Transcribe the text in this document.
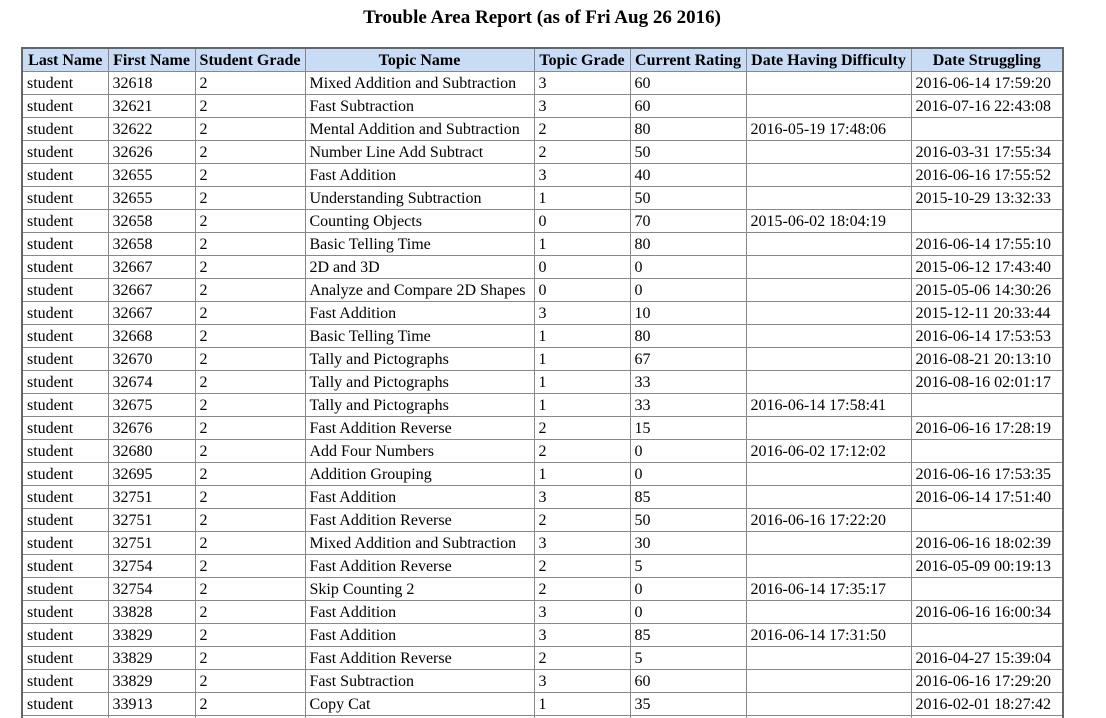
Trouble Area Report (as of Fri Aug 26 2016)
Last Name	First Name	Student Grade	Topic Name	Topic Grade	Current Rating	Date Having Difficulty	Date Struggling
student	32618	2	Mixed Addition and Subtraction	3	60		2016-06-14 17:59:20
student	32621	2	Fast Subtraction	3	60		2016-07-16 22:43:08
student	32622	2	Mental Addition and Subtraction	2	80	2016-05-19 17:48:06	
student	32626	2	Number Line Add Subtract	2	50		2016-03-31 17:55:34
student	32655	2	Fast Addition	3	40		2016-06-16 17:55:52
student	32655	2	Understanding Subtraction	1	50		2015-10-29 13:32:33
student	32658	2	Counting Objects	0	70	2015-06-02 18:04:19	
student	32658	2	Basic Telling Time	1	80		2016-06-14 17:55:10
student	32667	2	2D and 3D	0	0		2015-06-12 17:43:40
student	32667	2	Analyze and Compare 2D Shapes	0	0		2015-05-06 14:30:26
student	32667	2	Fast Addition	3	10		2015-12-11 20:33:44
student	32668	2	Basic Telling Time	1	80		2016-06-14 17:53:53
student	32670	2	Tally and Pictographs	1	67		2016-08-21 20:13:10
student	32674	2	Tally and Pictographs	1	33		2016-08-16 02:01:17
student	32675	2	Tally and Pictographs	1	33	2016-06-14 17:58:41	
student	32676	2	Fast Addition Reverse	2	15		2016-06-16 17:28:19
student	32680	2	Add Four Numbers	2	0	2016-06-02 17:12:02	
student	32695	2	Addition Grouping	1	0		2016-06-16 17:53:35
student	32751	2	Fast Addition	3	85		2016-06-14 17:51:40
student	32751	2	Fast Addition Reverse	2	50	2016-06-16 17:22:20	
student	32751	2	Mixed Addition and Subtraction	3	30		2016-06-16 18:02:39
student	32754	2	Fast Addition Reverse	2	5		2016-05-09 00:19:13
student	32754	2	Skip Counting 2	2	0	2016-06-14 17:35:17	
student	33828	2	Fast Addition	3	0		2016-06-16 16:00:34
student	33829	2	Fast Addition	3	85	2016-06-14 17:31:50	
student	33829	2	Fast Addition Reverse	2	5		2016-04-27 15:39:04
student	33829	2	Fast Subtraction	3	60		2016-06-16 17:29:20
student	33913	2	Copy Cat	1	35		2016-02-01 18:27:42
